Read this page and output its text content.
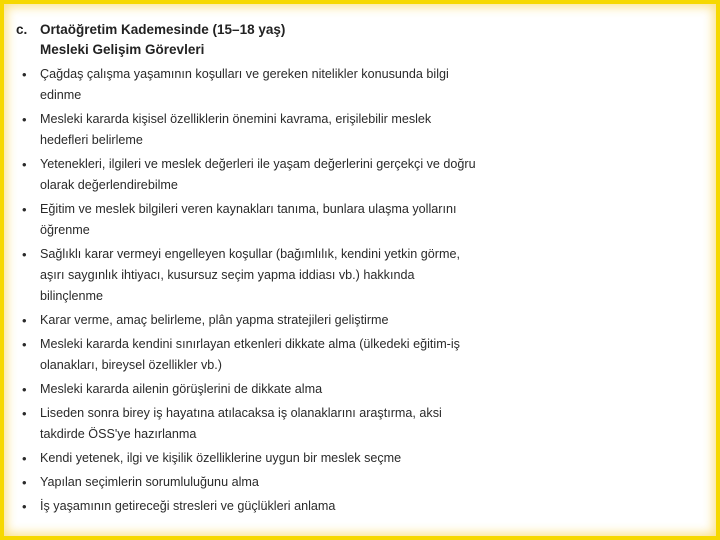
c. Ortaöğretim Kademesinde (15–18 yaş)
Mesleki Gelişim Görevleri
•	Çağdaş çalışma yaşamının koşulları ve gereken nitelikler konusunda bilgi edinme
•	Mesleki kararda kişisel özelliklerin önemini kavrama, erişilebilir meslek hedefleri belirleme
•	Yetenekleri, ilgileri ve meslek değerleri ile yaşam değerlerini gerçekçi ve doğru olarak değerlendirebilme
•	Eğitim ve meslek bilgileri veren kaynakları tanıma, bunlara ulaşma yollarını öğrenme
•	Sağlıklı karar vermeyi engelleyen koşullar (bağımlılık, kendini yetkin görme, aşırı saygınlık ihtiyacı, kusursuz seçim yapma iddiası vb.) hakkında bilinçlenme
•	Karar verme, amaç belirleme, plân yapma stratejileri geliştirme
•	Mesleki kararda kendini sınırlayan etkenleri dikkate alma (ülkedeki eğitim-iş olanakları, bireysel özellikler vb.)
•	Mesleki kararda ailenin görüşlerini de dikkate alma
•	Liseden sonra birey iş hayatına atılacaksa iş olanaklarını araştırma, aksi takdirde ÖSS'ye hazırlanma
•	Kendi yetenek, ilgi ve kişilik özelliklerine uygun bir meslek seçme
•	Yapılan seçimlerin sorumluluğunu alma
•	İş yaşamının getireceği stresleri ve güçlükleri anlama
